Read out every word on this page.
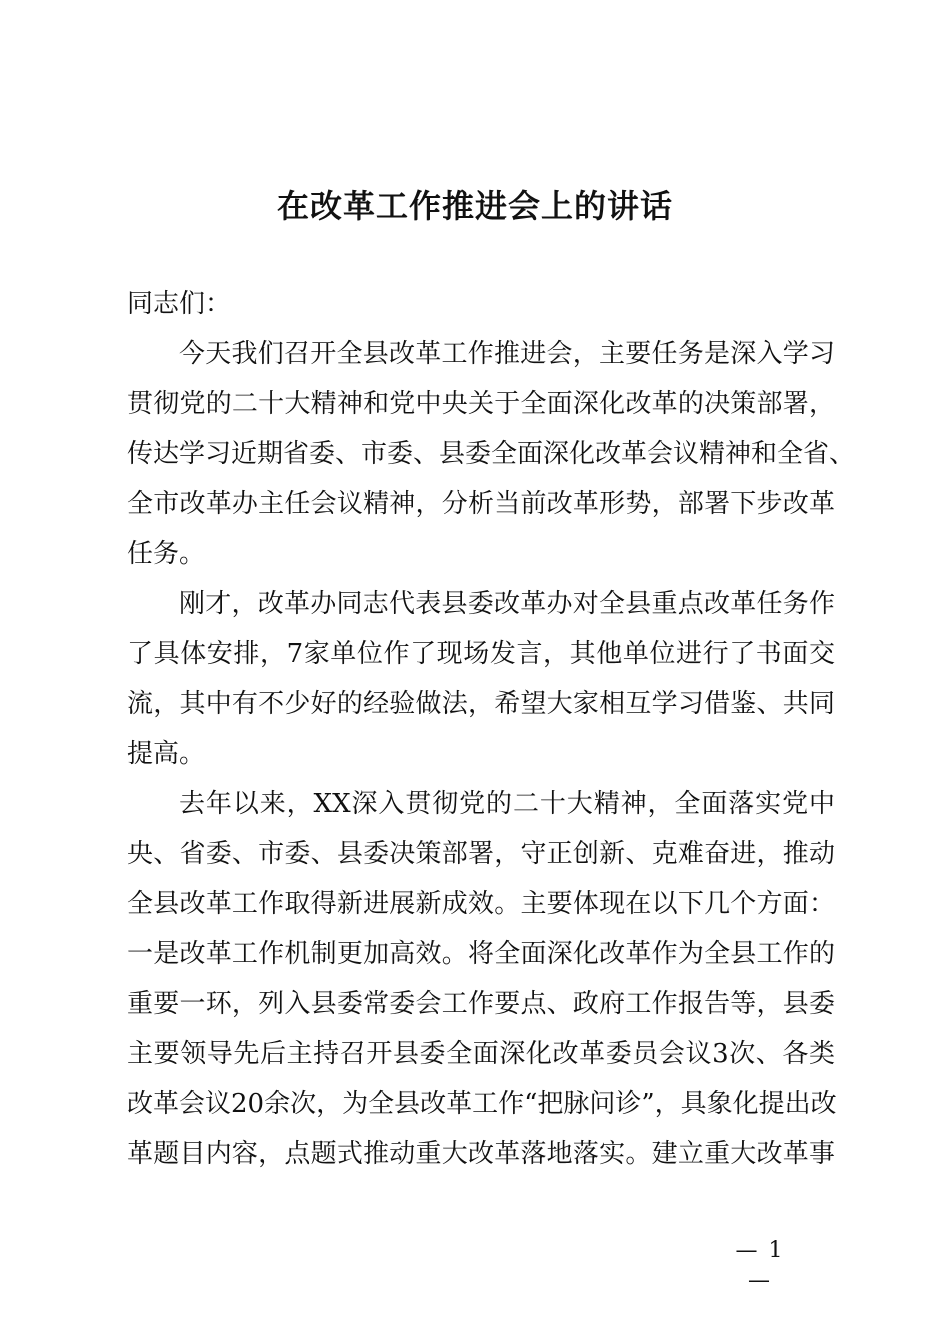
在改革工作推进会上的讲话
同志们：
今天我们召开全县改革工作推进会，主要任务是深入学习
贯彻党的二十大精神和党中央关于全面深化改革的决策部署，
传达学习近期省委、市委、县委全面深化改革会议精神和全省、
全市改革办主任会议精神，分析当前改革形势，部署下步改革
任务。
刚才，改革办同志代表县委改革办对全县重点改革任务作
了具体安排，7家单位作了现场发言，其他单位进行了书面交
流，其中有不少好的经验做法，希望大家相互学习借鉴、共同
提高。
去年以来，XX深入贯彻党的二十大精神，全面落实党中
央、省委、市委、县委决策部署，守正创新、克难奋进，推动
全县改革工作取得新进展新成效。主要体现在以下几个方面：
一是改革工作机制更加高效。将全面深化改革作为全县工作的
重要一环，列入县委常委会工作要点、政府工作报告等，县委
主要领导先后主持召开县委全面深化改革委员会议3次、各类
改革会议20余次，为全县改革工作“把脉问诊”，具象化提出改
革题目内容，点题式推动重大改革落地落实。建立重大改革事
— 1 —
